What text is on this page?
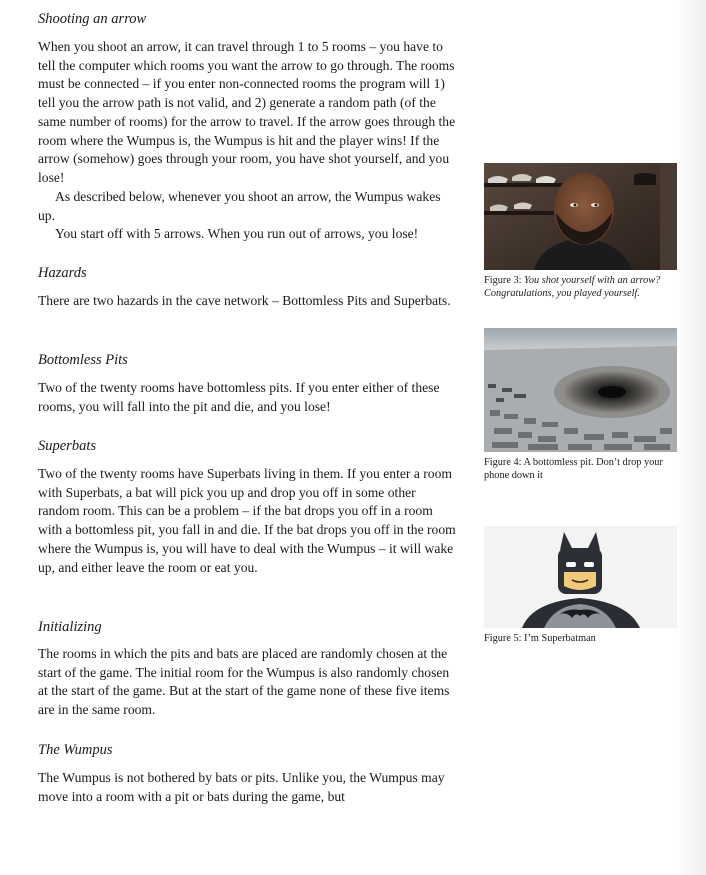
Shooting an arrow

When you shoot an arrow, it can travel through 1 to 5 rooms – you have to tell the computer which rooms you want the arrow to go through. The rooms must be connected – if you enter non-connected rooms the program will 1) tell you the arrow path is not valid, and 2) generate a random path (of the same number of rooms) for the arrow to travel. If the arrow goes through the room where the Wumpus is, the Wumpus is hit and the player wins! If the arrow (somehow) goes through your room, you have shot yourself, and you lose!

As described below, whenever you shoot an arrow, the Wumpus wakes up.

You start off with 5 arrows. When you run out of arrows, you lose!

Hazards

There are two hazards in the cave network – Bottomless Pits and Superbats.

Bottomless Pits

Two of the twenty rooms have bottomless pits. If you enter either of these rooms, you will fall into the pit and die, and you lose!

Superbats

Two of the twenty rooms have Superbats living in them. If you enter a room with Superbats, a bat will pick you up and drop you off in some other random room. This can be a problem – if the bat drops you off in a room with a bottomless pit, you fall in and die. If the bat drops you off in the room where the Wumpus is, you will have to deal with the Wumpus – it will wake up, and either leave the room or eat you.

Initializing

The rooms in which the pits and bats are placed are randomly chosen at the start of the game. The initial room for the Wumpus is also randomly chosen at the start of the game. But at the start of the game none of these five items are in the same room.

The Wumpus

The Wumpus is not bothered by bats or pits. Unlike you, the Wumpus may move into a room with a pit or bats during the game, but

Figure 3: You shot yourself with an arrow? Congratulations, you played yourself.
Figure 4: A bottomless pit. Don’t drop your phone down it
Figure 5: I’m Superbatman
